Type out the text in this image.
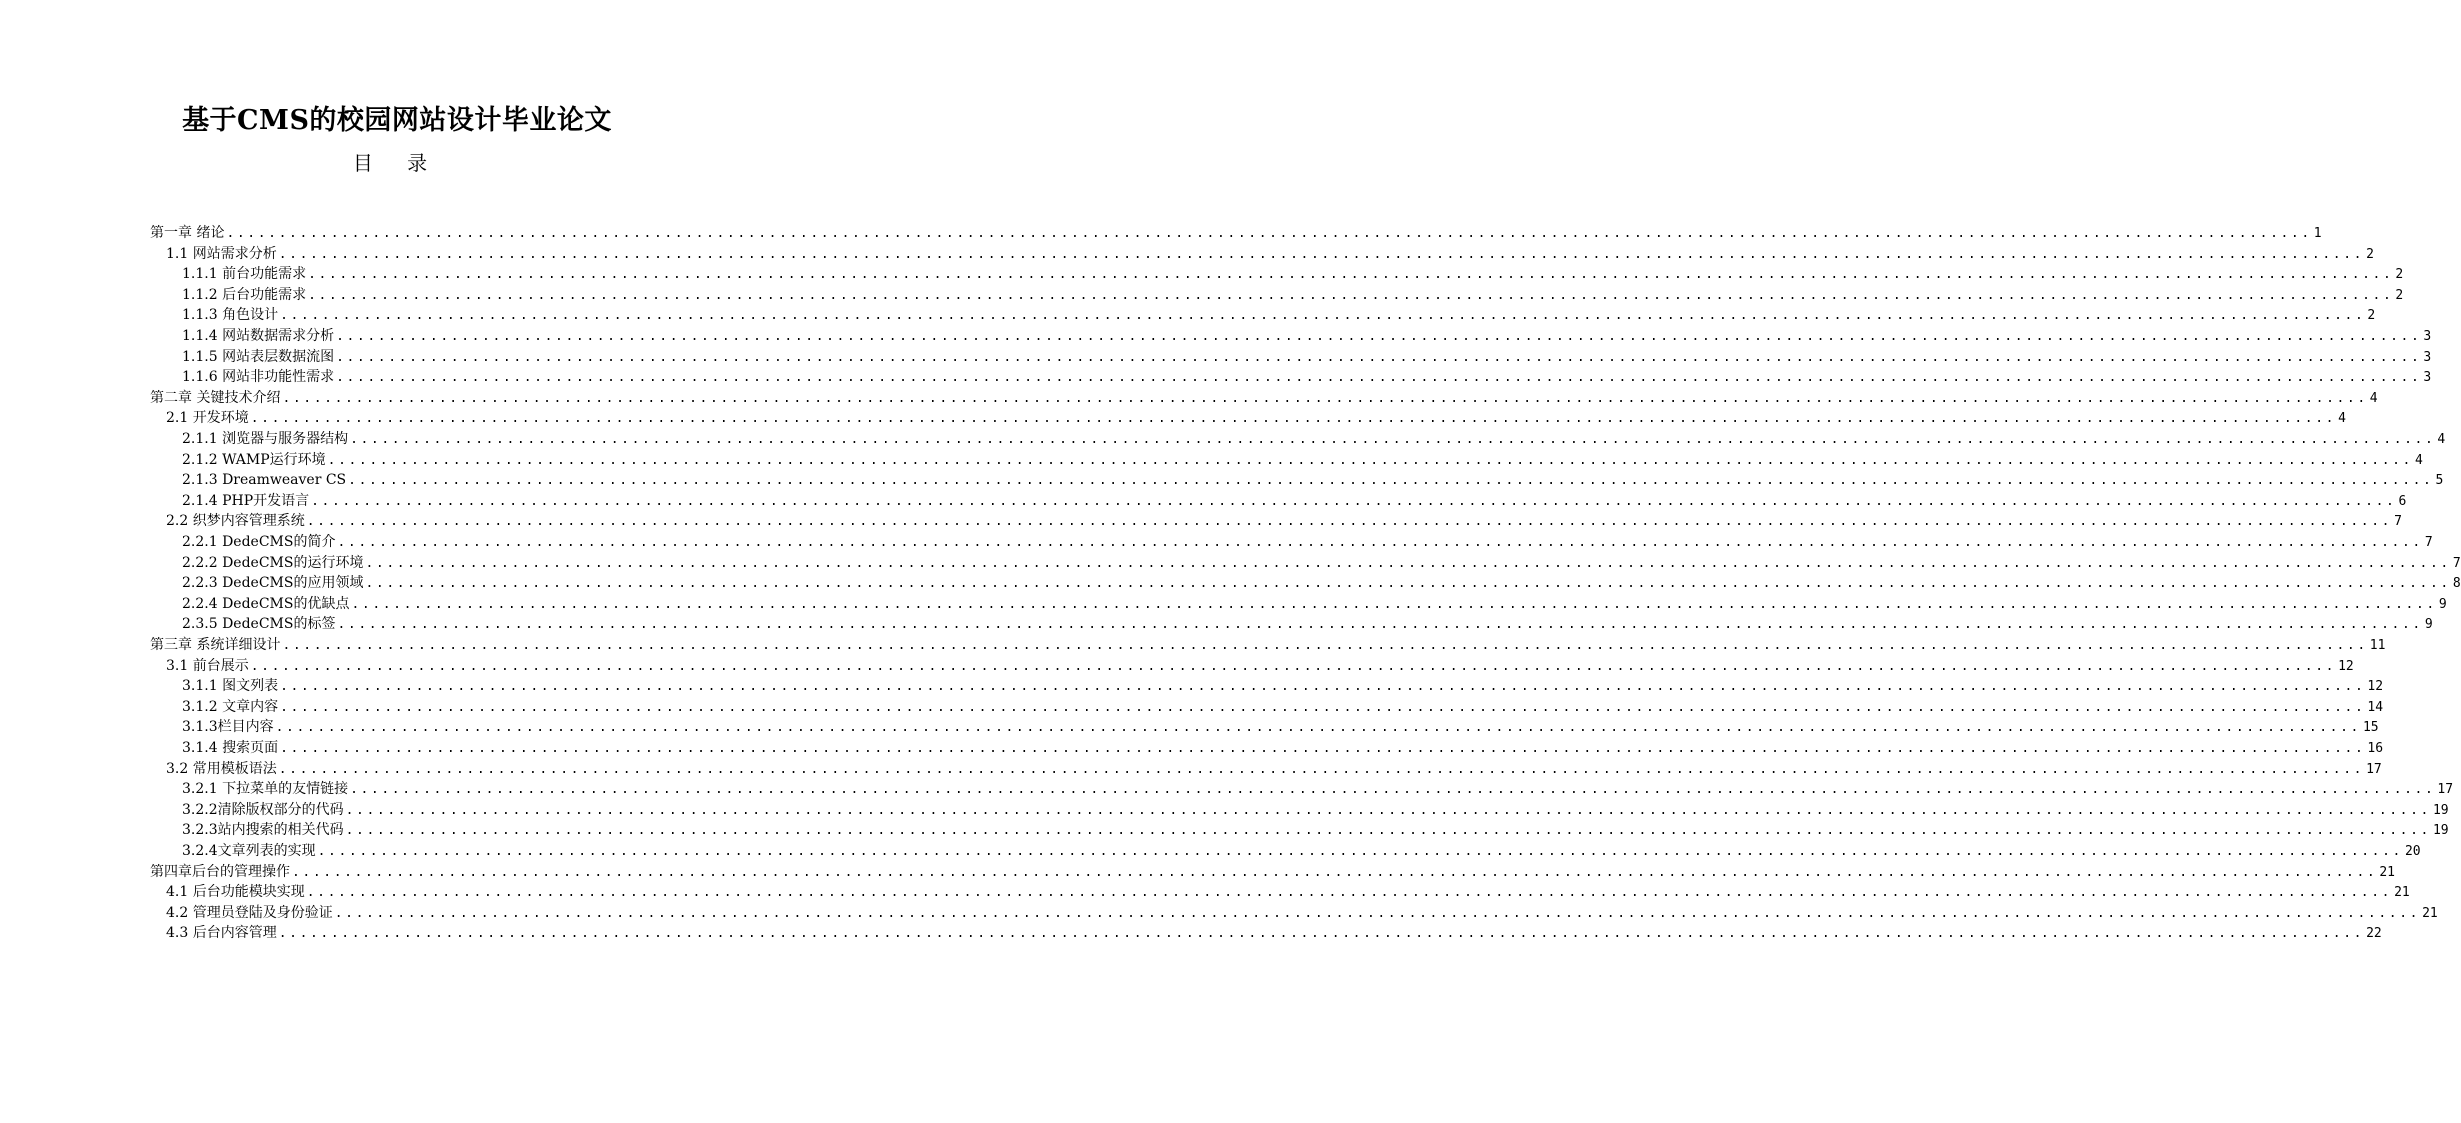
基于CMS的校园网站设计毕业论文
目 录
第一章 绪论 ........................................................................................................................................................................................................ 1
1.1 网站需求分析 ........................................................................................................................................................................................................ 2
1.1.1 前台功能需求 ........................................................................................................................................................................................................ 2
1.1.2 后台功能需求 ........................................................................................................................................................................................................ 2
1.1.3 角色设计 ........................................................................................................................................................................................................ 2
1.1.4 网站数据需求分析 ........................................................................................................................................................................................................ 3
1.1.5 网站表层数据流图 ........................................................................................................................................................................................................ 3
1.1.6 网站非功能性需求 ........................................................................................................................................................................................................ 3
第二章 关键技术介绍 ........................................................................................................................................................................................................ 4
2.1 开发环境 ........................................................................................................................................................................................................ 4
2.1.1 浏览器与服务器结构 ........................................................................................................................................................................................................ 4
2.1.2 WAMP运行环境 ........................................................................................................................................................................................................ 4
2.1.3 Dreamweaver CS ........................................................................................................................................................................................................ 5
2.1.4 PHP开发语言 ........................................................................................................................................................................................................ 6
2.2 织梦内容管理系统 ........................................................................................................................................................................................................ 7
2.2.1 DedeCMS的简介 ........................................................................................................................................................................................................ 7
2.2.2 DedeCMS的运行环境 ........................................................................................................................................................................................................ 7
2.2.3 DedeCMS的应用领域 ........................................................................................................................................................................................................ 8
2.2.4 DedeCMS的优缺点 ........................................................................................................................................................................................................ 9
2.3.5 DedeCMS的标签 ........................................................................................................................................................................................................ 9
第三章 系统详细设计 ........................................................................................................................................................................................................ 11
3.1 前台展示 ........................................................................................................................................................................................................ 12
3.1.1 图文列表 ........................................................................................................................................................................................................ 12
3.1.2 文章内容 ........................................................................................................................................................................................................ 14
3.1.3栏目内容 ........................................................................................................................................................................................................ 15
3.1.4 搜索页面 ........................................................................................................................................................................................................ 16
3.2 常用模板语法 ........................................................................................................................................................................................................ 17
3.2.1 下拉菜单的友情链接 ........................................................................................................................................................................................................ 17
3.2.2清除版权部分的代码 ........................................................................................................................................................................................................ 19
3.2.3站内搜索的相关代码 ........................................................................................................................................................................................................ 19
3.2.4文章列表的实现 ........................................................................................................................................................................................................ 20
第四章后台的管理操作 ........................................................................................................................................................................................................ 21
4.1 后台功能模块实现 ........................................................................................................................................................................................................ 21
4.2 管理员登陆及身份验证 ........................................................................................................................................................................................................ 21
4.3 后台内容管理 ........................................................................................................................................................................................................ 22
